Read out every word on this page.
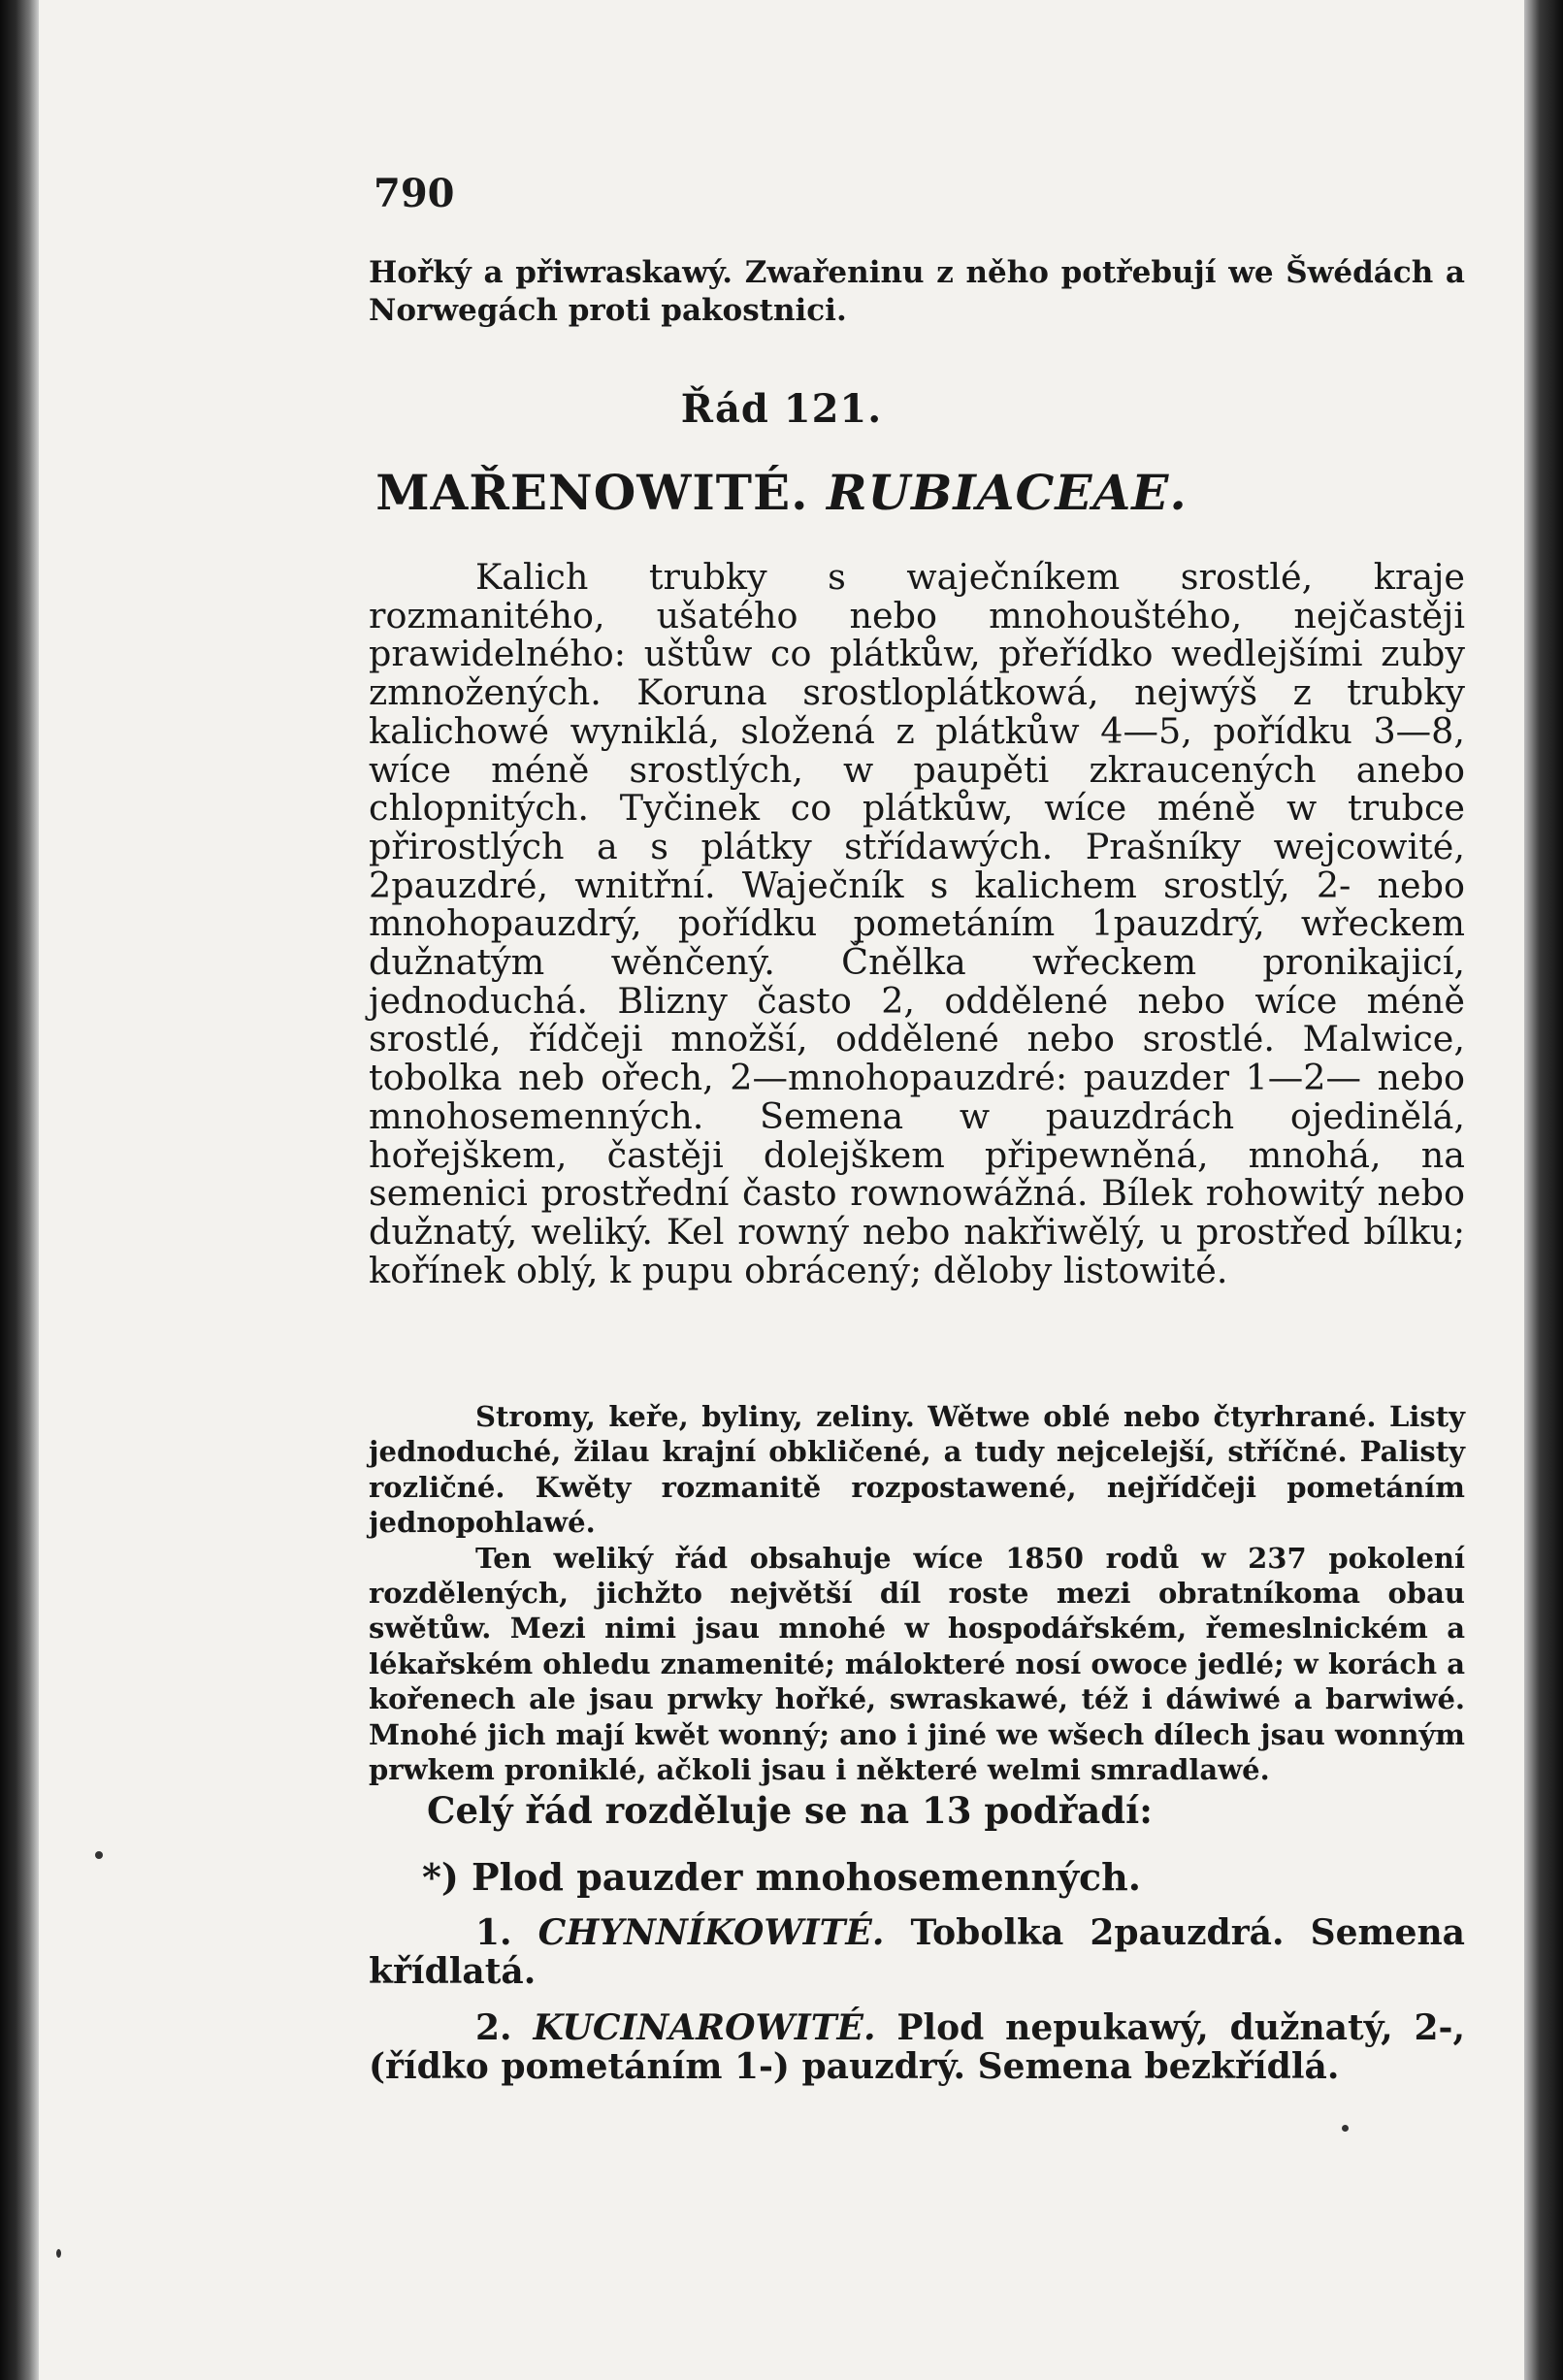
790
Hořký a přiwraskawý. Zwařeninu z něho potřebují we Šwédách a Norwegách proti pakostnici.
Řád 121.
MAŘENOWITÉ. RUBIACEAE.

Kalich trubky s waječníkem srostlé, kraje rozmanitého, ušatého nebo mnohouštého, nejčastěji prawidelného: uštůw co plátkůw, přeřídko wedlejšími zuby zmnožených. Koruna srostloplátkowá, nejwýš z trubky kalichowé wyniklá, složená z plátkůw 4—5, pořídku 3—8, wíce méně srostlých, w paupěti zkraucených anebo chlopnitých. Tyčinek co plátkůw, wíce méně w trubce přirostlých a s plátky střídawých. Prašníky wejcowité, 2pauzdré, wnitřní. Waječník s kalichem srostlý, 2- nebo mnohopauzdrý, pořídku pometáním 1pauzdrý, wřeckem dužnatým wěnčený. Čnělka wřeckem pronikajicí, jednoduchá. Blizny často 2, oddělené nebo wíce méně srostlé, řídčeji množší, oddělené nebo srostlé. Malwice, tobolka neb ořech, 2—mnohopauzdré: pauzder 1—2— nebo mnohosemenných. Semena w pauzdrách ojedinělá, hořejškem, častěji dolejškem připewněná, mnohá, na semenici prostřední často rownowážná. Bílek rohowitý nebo dužnatý, weliký. Kel rowný nebo nakřiwělý, u prostřed bílku; kořínek oblý, k pupu obrácený; děloby listowité.

Stromy, keře, byliny, zeliny. Wětwe oblé nebo čtyrhrané. Listy jednoduché, žilau krajní obkličené, a tudy nejcelejší, stříčné. Palisty rozličné. Kwěty rozmanitě rozpostawené, nejřídčeji pometáním jednopohlawé.

Ten weliký řád obsahuje wíce 1850 rodů w 237 pokolení rozdělených, jichžto největší díl roste mezi obratníkoma obau swětůw. Mezi nimi jsau mnohé w hospodářském, řemeslnickém a lékařském ohledu znamenité; málokteré nosí owoce jedlé; w korách a kořenech ale jsau prwky hořké, swraskawé, též i dáwiwé a barwiwé. Mnohé jich mají kwět wonný; ano i jiné we wšech dílech jsau wonným prwkem proniklé, ačkoli jsau i některé welmi smradlawé.

Celý řád rozděluje se na 13 podřadí:
*) Plod pauzder mnohosemenných.

1. CHYNNÍKOWITÉ. Tobolka 2pauzdrá. Semena křídlatá.

2. KUCINAROWITÉ. Plod nepukawý, dužnatý, 2-, (řídko pometáním 1-) pauzdrý. Semena bezkřídlá.
